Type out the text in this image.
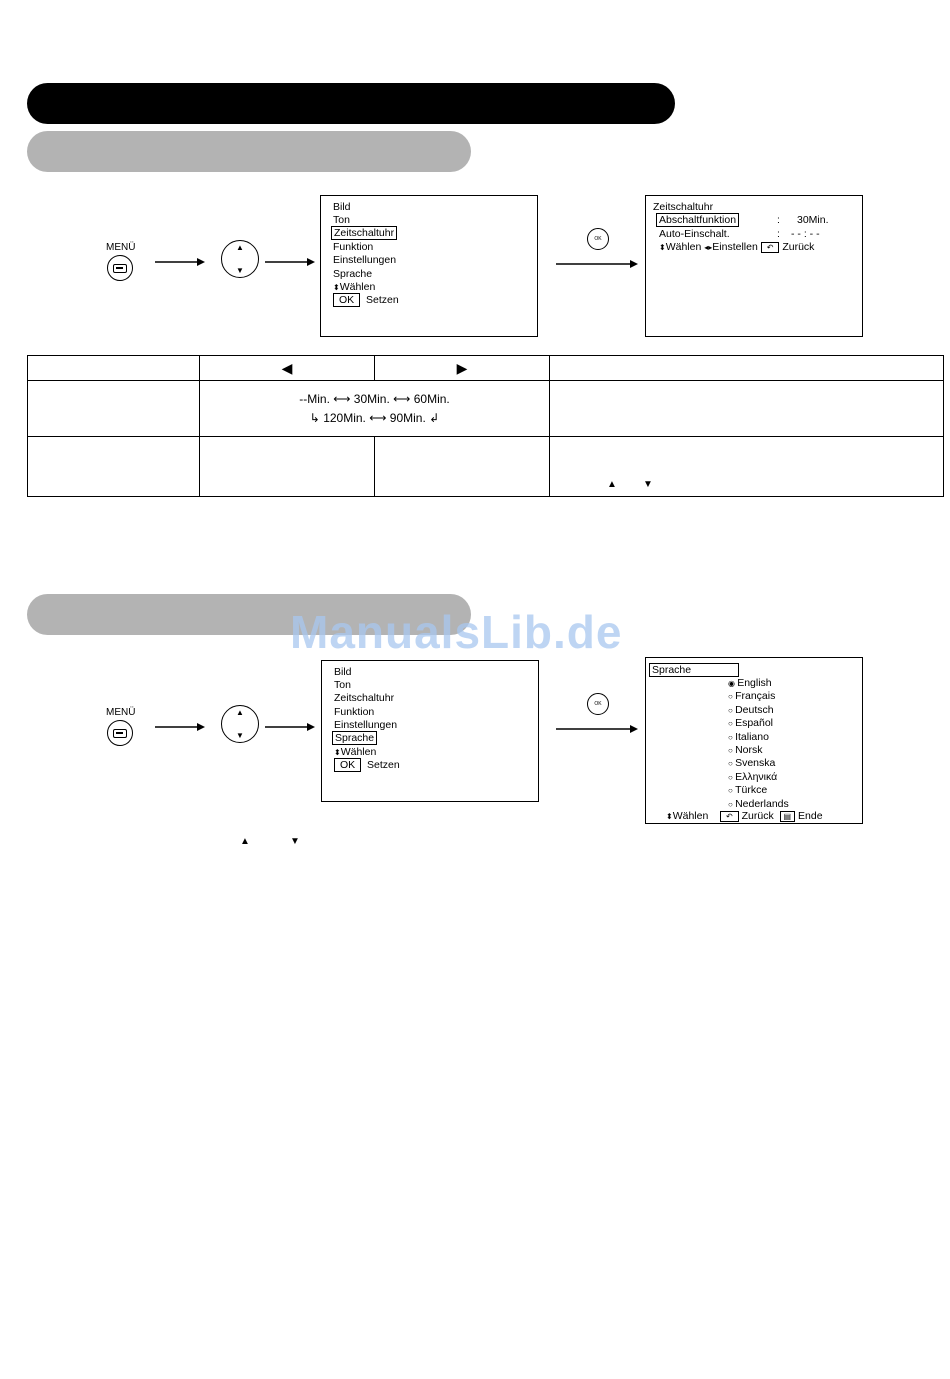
MENÜ	▲
▼
Bild
Ton
Zeitschaltuhr
Funktion
Einstellungen
Sprache
⬍Wählen
OK Setzen
OK
Zeitschaltuhr
Abschaltfunktion	: 30Min.
Auto-Einschalt.	: - - : - -
⬍Wählen ◂▸Einstellen ↶ Zurück
	◀	▶	

	--Min. ⟷ 30Min. ⟷ 60Min.
↳ 120Min. ⟷ 90Min. ↲		

			▲ ▼
ManualsLib.de
MENÜ	▲
▼
Bild
Ton
Zeitschaltuhr
Funktion
Einstellungen
Sprache
⬍Wählen
OK Setzen
OK
Sprache
◉ English
○ Français
○ Deutsch
○ Español
○ Italiano
○ Norsk
○ Svenska
○ Ελληνικά
○ Türkce
○ Nederlands
⬍Wählen ↶ Zurück ▤ Ende
▲	▼
